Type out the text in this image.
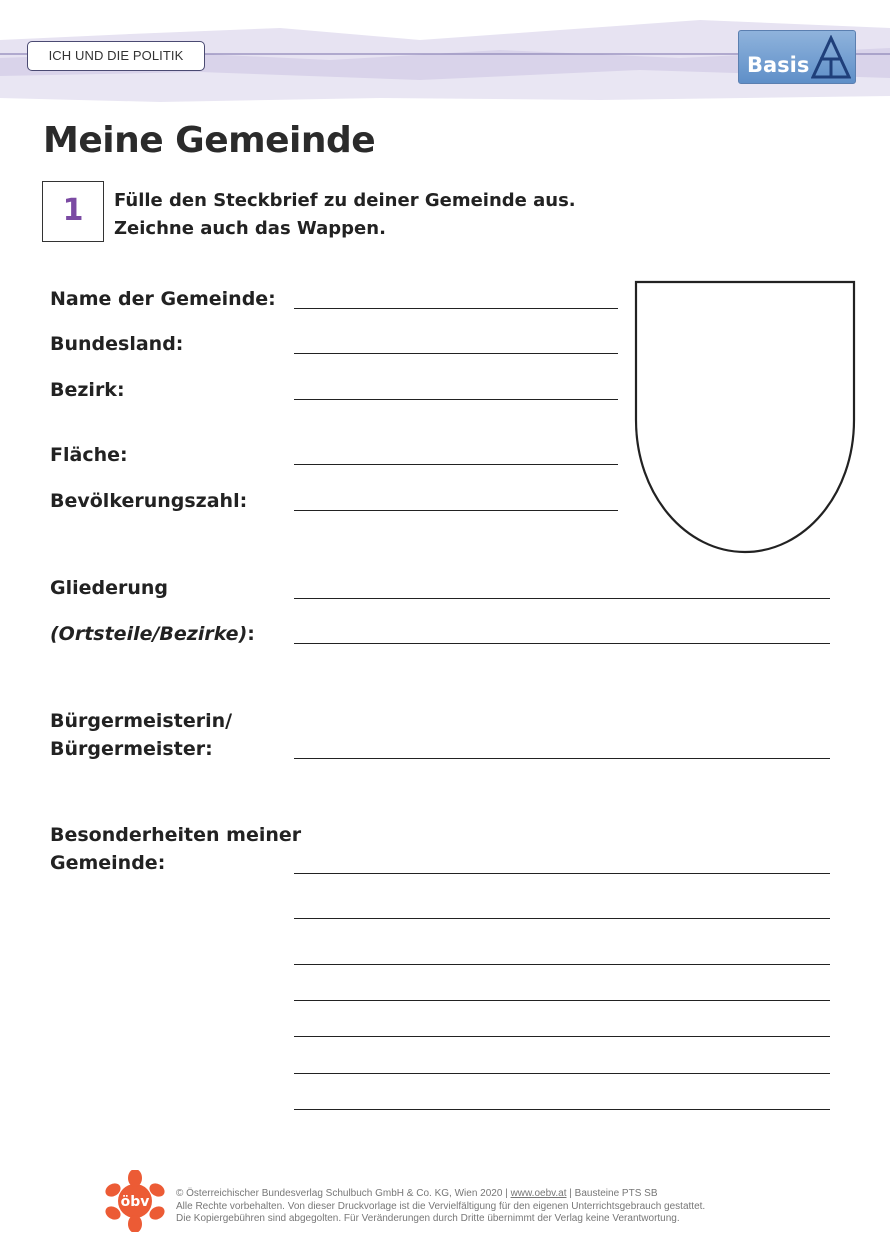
ICH UND DIE POLITIK	Basis
Meine Gemeinde
1	Fülle den Steckbrief zu deiner Gemeinde aus.
Zeichne auch das Wappen.
Name der Gemeinde:
Bundesland:
Bezirk:
Fläche:
Bevölkerungszahl:
Gliederung
(Ortsteile/Bezirke):
Bürgermeisterin/
Bürgermeister:
Besonderheiten meiner
Gemeinde:
öbv
© Österreichischer Bundesverlag Schulbuch GmbH & Co. KG, Wien 2020 | www.oebv.at | Bausteine PTS SB
Alle Rechte vorbehalten. Von dieser Druckvorlage ist die Vervielfältigung für den eigenen Unterrichtsgebrauch gestattet.
Die Kopiergebühren sind abgegolten. Für Veränderungen durch Dritte übernimmt der Verlag keine Verantwortung.
